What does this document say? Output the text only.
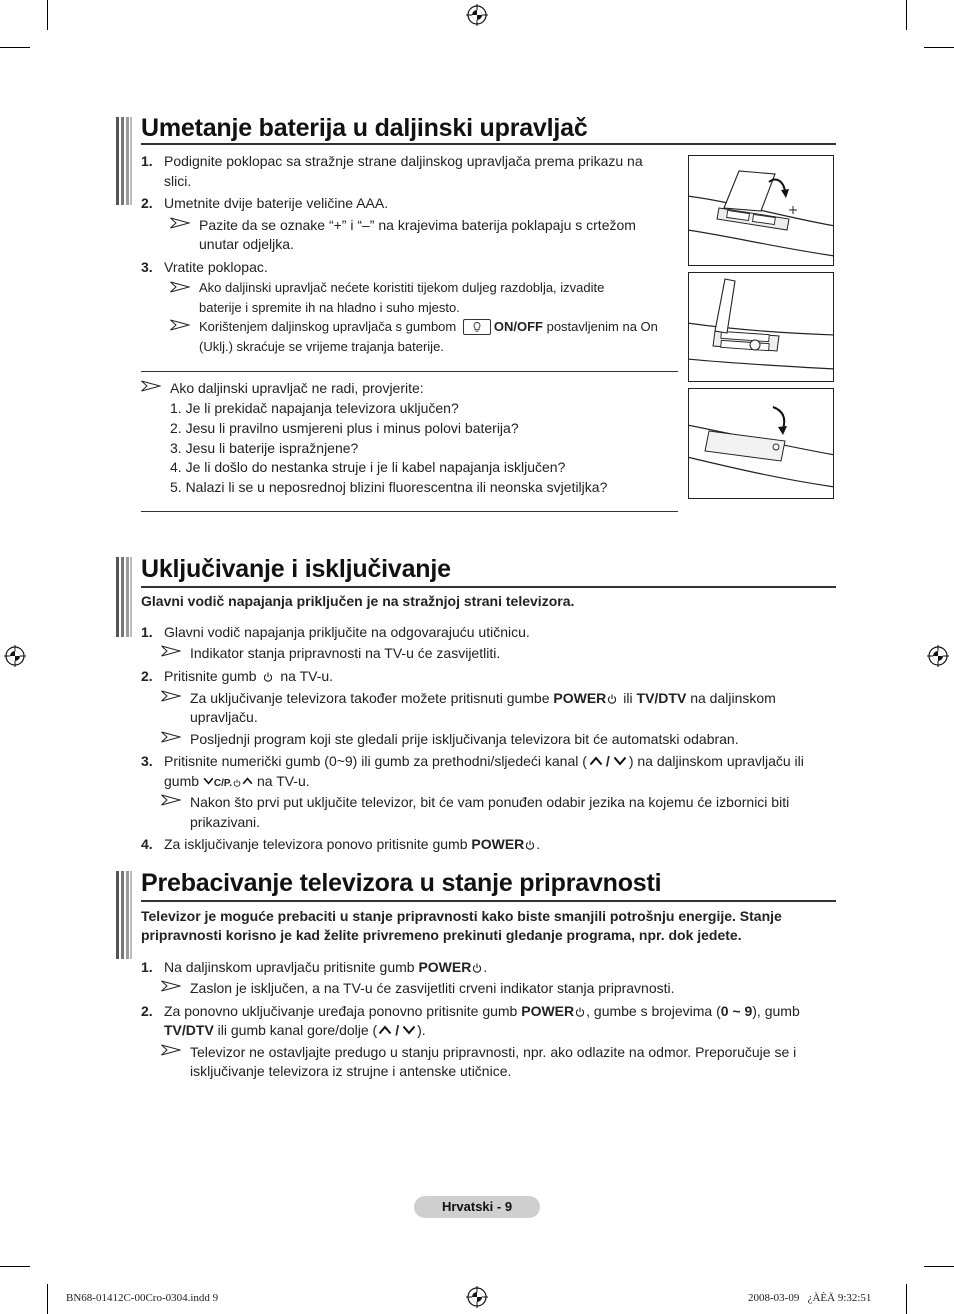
Umetanje baterija u daljinski upravljač
1. Podignite poklopac sa stražnje strane daljinskog upravljača prema prikazu na
slici.
2. Umetnite dvije baterije veličine AAA.
Pazite da se oznake “+” i “–” na krajevima baterija poklapaju s crtežom
unutar odjeljka.
3. Vratite poklopac.
Ako daljinski upravljač nećete koristiti tijekom duljeg razdoblja, izvadite
baterije i spremite ih na hladno i suho mjesto.
Korištenjem daljinskog upravljača s gumbom	ON/OFF postavljenim na On
(Uklj.) skraćuje se vrijeme trajanja baterije.
Ako daljinski upravljač ne radi, provjerite:
1. Je li prekidač napajanja televizora uključen?
2. Jesu li pravilno usmjereni plus i minus polovi baterija?
3. Jesu li baterije ispražnjene?
4. Je li došlo do nestanka struje i je li kabel napajanja isključen?
5. Nalazi li se u neposrednoj blizini fluorescentna ili neonska svjetiljka?
Uključivanje i isključivanje
Glavni vodič napajanja priključen je na stražnjoj strani televizora.
1. Glavni vodič napajanja priključite na odgovarajuću utičnicu.
Indikator stanja pripravnosti na TV-u će zasvijetliti.
2. Pritisnite gumb na TV-u.
Za uključivanje televizora također možete pritisnuti gumbe POWER ili TV/DTV na daljinskom
upravljaču.
Posljednji program koji ste gledali prije isključivanja televizora bit će automatski odabran.
3. Pritisnite numerički gumb (0~9) ili gumb za prethodni/sljedeći kanal ( / ) na daljinskom upravljaču ili
gumb C/P. na TV-u.
Nakon što prvi put uključite televizor, bit će vam ponuđen odabir jezika na kojemu će izbornici biti
prikazivani.
4. Za isključivanje televizora ponovo pritisnite gumb POWER .
Prebacivanje televizora u stanje pripravnosti
Televizor je moguće prebaciti u stanje pripravnosti kako biste smanjili potrošnju energije. Stanje
pripravnosti korisno je kad želite privremeno prekinuti gledanje programa, npr. dok jedete.
1. Na daljinskom upravljaču pritisnite gumb POWER .
Zaslon je isključen, a na TV-u će zasvijetliti crveni indikator stanja pripravnosti.
2. Za ponovno uključivanje uređaja ponovno pritisnite gumb POWER , gumbe s brojevima (0 ~ 9), gumb
TV/DTV ili gumb kanal gore/dolje ( / ).
Televizor ne ostavljajte predugo u stanju pripravnosti, npr. ako odlazite na odmor. Preporučuje se i
isključivanje televizora iz strujne i antenske utičnice.
Hrvatski - 9
BN68-01412C-00Cro-0304.indd 9	2008-03-09   ¿ÀÈÄ 9:32:51
